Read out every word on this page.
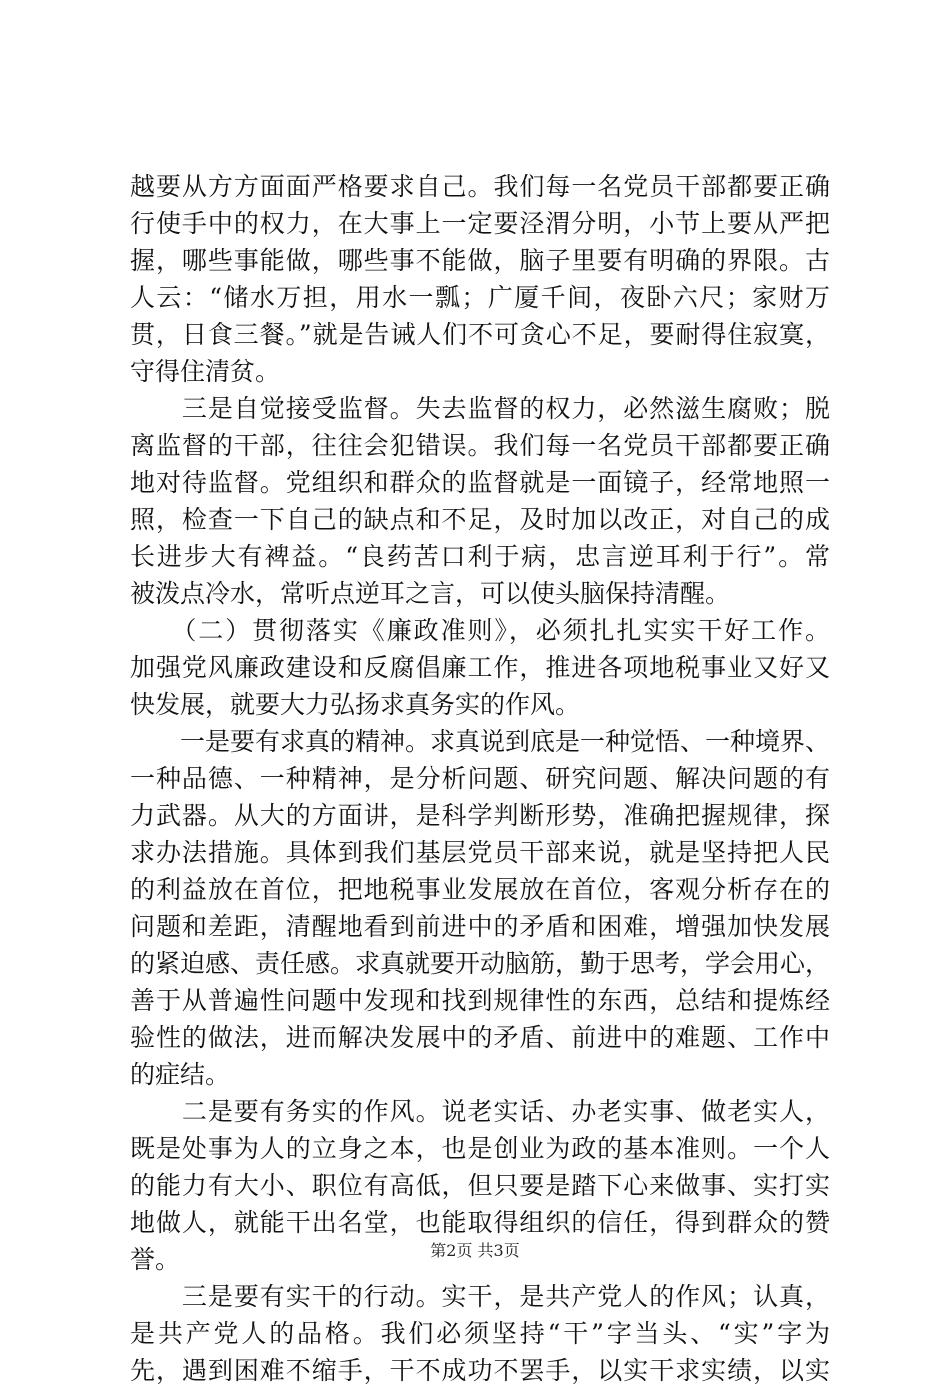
越要从方方面面严格要求自己。我们每一名党员干部都要正确
行使手中的权力，在大事上一定要泾渭分明，小节上要从严把
握，哪些事能做，哪些事不能做，脑子里要有明确的界限。古
人云：“储水万担，用水一瓢；广厦千间，夜卧六尺；家财万
贯，日食三餐。”就是告诫人们不可贪心不足，要耐得住寂寞，
守得住清贫。
　　三是自觉接受监督。失去监督的权力，必然滋生腐败；脱
离监督的干部，往往会犯错误。我们每一名党员干部都要正确
地对待监督。党组织和群众的监督就是一面镜子，经常地照一
照，检查一下自己的缺点和不足，及时加以改正，对自己的成
长进步大有裨益。“良药苦口利于病，忠言逆耳利于行”。常
被泼点冷水，常听点逆耳之言，可以使头脑保持清醒。
　　（二）贯彻落实《廉政准则》，必须扎扎实实干好工作。
加强党风廉政建设和反腐倡廉工作，推进各项地税事业又好又
快发展，就要大力弘扬求真务实的作风。
　　一是要有求真的精神。求真说到底是一种觉悟、一种境界、
一种品德、一种精神，是分析问题、研究问题、解决问题的有
力武器。从大的方面讲，是科学判断形势，准确把握规律，探
求办法措施。具体到我们基层党员干部来说，就是坚持把人民
的利益放在首位，把地税事业发展放在首位，客观分析存在的
问题和差距，清醒地看到前进中的矛盾和困难，增强加快发展
的紧迫感、责任感。求真就要开动脑筋，勤于思考，学会用心，
善于从普遍性问题中发现和找到规律性的东西，总结和提炼经
验性的做法，进而解决发展中的矛盾、前进中的难题、工作中
的症结。
　　二是要有务实的作风。说老实话、办老实事、做老实人，
既是处事为人的立身之本，也是创业为政的基本准则。一个人
的能力有大小、职位有高低，但只要是踏下心来做事、实打实
地做人，就能干出名堂，也能取得组织的信任，得到群众的赞
誉。
　　三是要有实干的行动。实干，是共产党人的作风；认真，
是共产党人的品格。我们必须坚持“干”字当头、“实”字为
先，遇到困难不缩手，干不成功不罢手，以实干求实绩，以实
第2页 共3页
